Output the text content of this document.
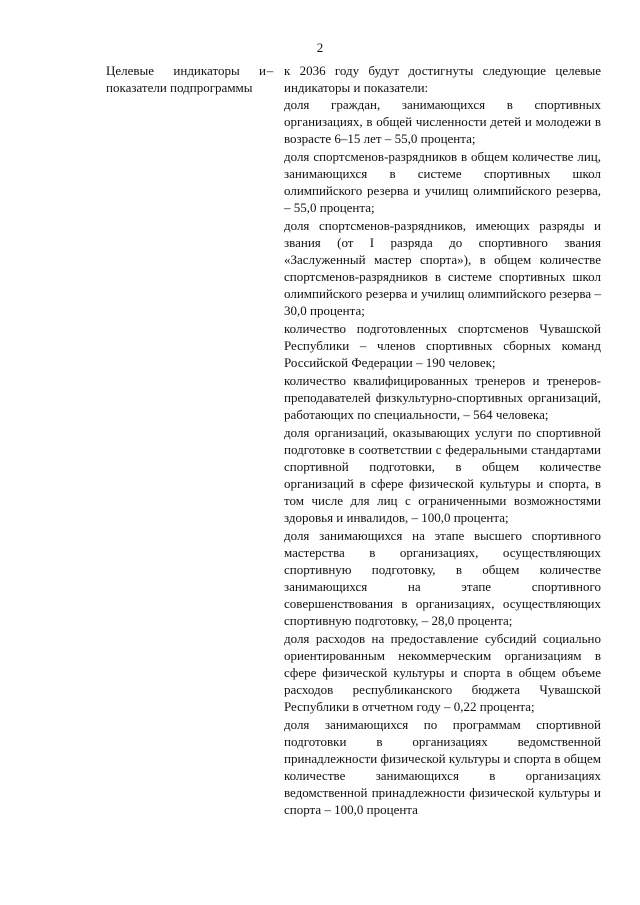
2

Целевые индикаторы и показатели подпрограммы

– к 2036 году будут достигнуты следующие целевые индикаторы и показатели:

доля граждан, занимающихся в спортивных организациях, в общей численности детей и молодежи в возрасте 6–15 лет – 55,0 процента;

доля спортсменов-разрядников в общем количестве лиц, занимающихся в системе спортивных школ олимпийского резерва и училищ олимпийского резерва, – 55,0 процента;

доля спортсменов-разрядников, имеющих разряды и звания (от I разряда до спортивного звания «Заслуженный мастер спорта»), в общем количестве спортсменов-разрядников в системе спортивных школ олимпийского резерва и училищ олимпийского резерва – 30,0 процента;

количество подготовленных спортсменов Чувашской Республики – членов спортивных сборных команд Российской Федерации – 190 человек;

количество квалифицированных тренеров и тренеров-преподавателей физкультурно-спортивных организаций, работающих по специальности, – 564 человека;

доля организаций, оказывающих услуги по спортивной подготовке в соответствии с федеральными стандартами спортивной подготовки, в общем количестве организаций в сфере физической культуры и спорта, в том числе для лиц с ограниченными возможностями здоровья и инвалидов, – 100,0 процента;

доля занимающихся на этапе высшего спортивного мастерства в организациях, осуществляющих спортивную подготовку, в общем количестве занимающихся на этапе спортивного совершенствования в организациях, осуществляющих спортивную подготовку, – 28,0 процента;

доля расходов на предоставление субсидий социально ориентированным некоммерческим организациям в сфере физической культуры и спорта в общем объеме расходов республиканского бюджета Чувашской Республики в отчетном году – 0,22 процента;

доля занимающихся по программам спортивной подготовки в организациях ведомственной принадлежности физической культуры и спорта в общем количестве занимающихся в организациях ведомственной принадлежности физической культуры и спорта – 100,0 процента
